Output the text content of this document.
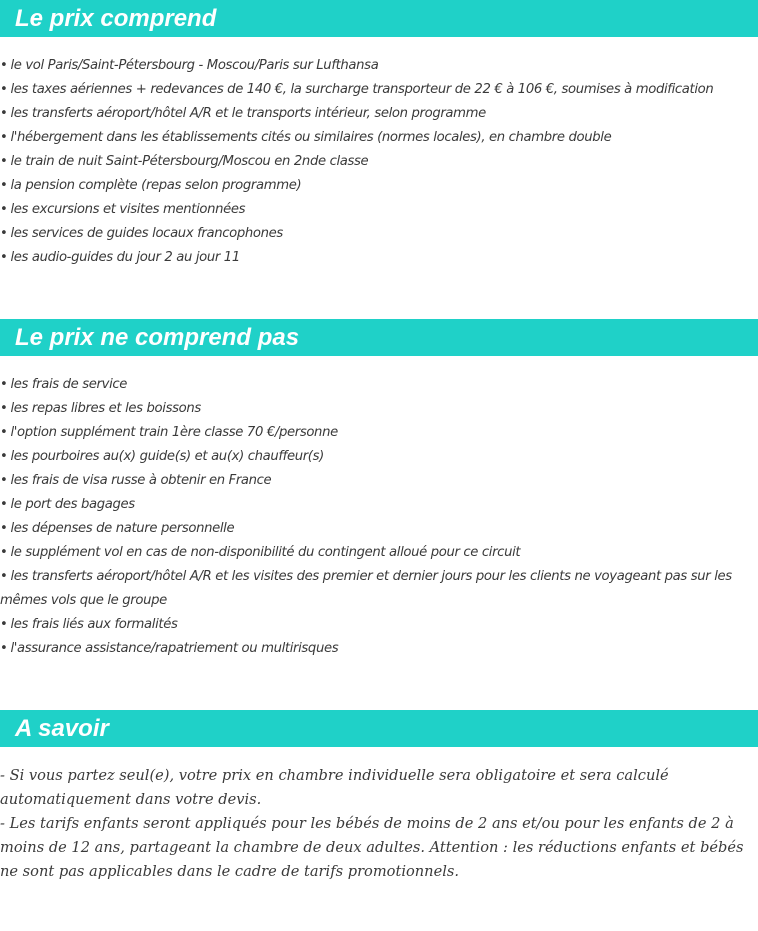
Le prix comprend
• le vol Paris/Saint-Pétersbourg - Moscou/Paris sur Lufthansa
• les taxes aériennes + redevances de 140 €, la surcharge transporteur de 22 € à 106 €, soumises à modification
• les transferts aéroport/hôtel A/R et le transports intérieur, selon programme
• l'hébergement dans les établissements cités ou similaires (normes locales), en chambre double
• le train de nuit Saint-Pétersbourg/Moscou en 2nde classe
• la pension complète (repas selon programme)
• les excursions et visites mentionnées
• les services de guides locaux francophones
• les audio-guides du jour 2 au jour 11
Le prix ne comprend pas
• les frais de service
• les repas libres et les boissons
• l'option supplément train 1ère classe 70 €/personne
• les pourboires au(x) guide(s) et au(x) chauffeur(s)
• les frais de visa russe à obtenir en France
• le port des bagages
• les dépenses de nature personnelle
• le supplément vol en cas de non-disponibilité du contingent alloué pour ce circuit
• les transferts aéroport/hôtel A/R et les visites des premier et dernier jours pour les clients ne voyageant pas sur les mêmes vols que le groupe
• les frais liés aux formalités
• l'assurance assistance/rapatriement ou multirisques
A savoir

- Si vous partez seul(e), votre prix en chambre individuelle sera obligatoire et sera calculé automatiquement dans votre devis.

- Les tarifs enfants seront appliqués pour les bébés de moins de 2 ans et/ou pour les enfants de 2 à moins de 12 ans, partageant la chambre de deux adultes. Attention : les réductions enfants et bébés ne sont pas applicables dans le cadre de tarifs promotionnels.
